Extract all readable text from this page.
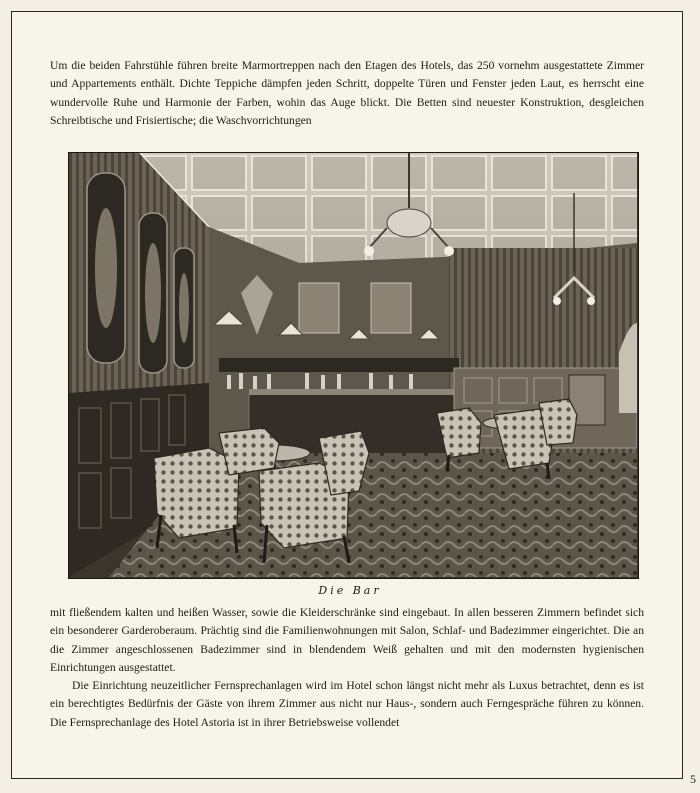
Um die beiden Fahrstühle führen breite Marmortreppen nach den Etagen des Hotels, das 250 vornehm ausgestattete Zimmer und Appartements enthält. Dichte Teppiche dämpfen jeden Schritt, doppelte Türen und Fenster jeden Laut, es herrscht eine wundervolle Ruhe und Harmonie der Farben, wohin das Auge blickt. Die Betten sind neuester Konstruktion, desgleichen Schreibtische und Frisiertische; die Waschvorrichtungen

Die Bar

mit fließendem kalten und heißen Wasser, sowie die Kleiderschränke sind eingebaut. In allen besseren Zimmern befindet sich ein besonderer Garderoberaum. Prächtig sind die Familienwohnungen mit Salon, Schlaf- und Badezimmer eingerichtet. Die an die Zimmer angeschlossenen Badezimmer sind in blendendem Weiß gehalten und mit den modernsten hygienischen Einrichtungen ausgestattet.

Die Einrichtung neuzeitlicher Fernsprechanlagen wird im Hotel schon längst nicht mehr als Luxus betrachtet, denn es ist ein berechtigtes Bedürfnis der Gäste von ihrem Zimmer aus nicht nur Haus-, sondern auch Ferngespräche führen zu können. Die Fernsprechanlage des Hotel Astoria ist in ihrer Betriebsweise vollendet

5
